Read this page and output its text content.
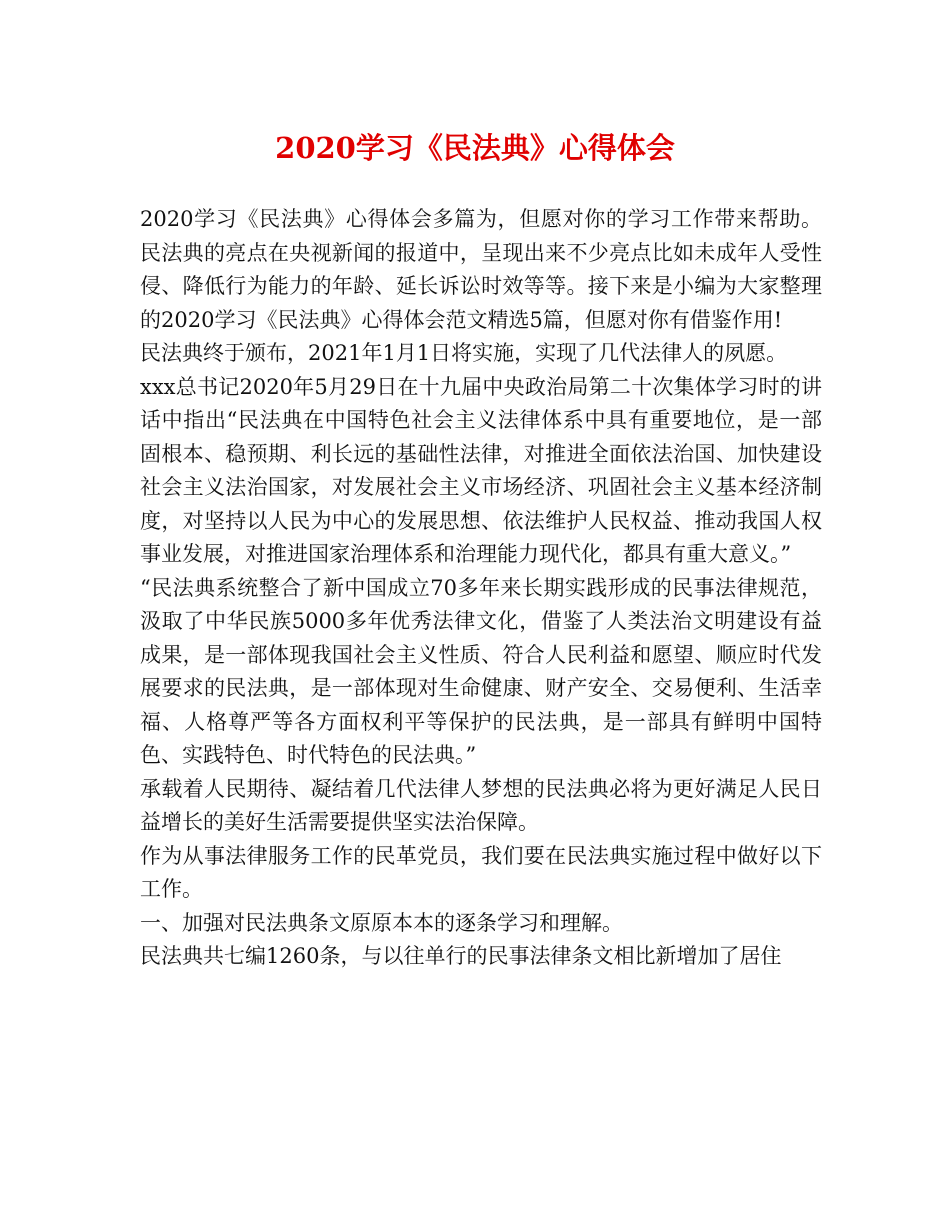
2020学习《民法典》心得体会

2020学习《民法典》心得体会多篇为，但愿对你的学习工作带来帮助。民法典的亮点在央视新闻的报道中，呈现出来不少亮点比如未成年人受性侵、降低行为能力的年龄、延长诉讼时效等等。接下来是小编为大家整理的2020学习《民法典》心得体会范文精选5篇，但愿对你有借鉴作用!

民法典终于颁布，2021年1月1日将实施，实现了几代法律人的夙愿。

xxx总书记2020年5月29日在十九届中央政治局第二十次集体学习时的讲话中指出“民法典在中国特色社会主义法律体系中具有重要地位，是一部固根本、稳预期、利长远的基础性法律，对推进全面依法治国、加快建设社会主义法治国家，对发展社会主义市场经济、巩固社会主义基本经济制度，对坚持以人民为中心的发展思想、依法维护人民权益、推动我国人权事业发展，对推进国家治理体系和治理能力现代化，都具有重大意义。”

“民法典系统整合了新中国成立70多年来长期实践形成的民事法律规范，汲取了中华民族5000多年优秀法律文化，借鉴了人类法治文明建设有益成果，是一部体现我国社会主义性质、符合人民利益和愿望、顺应时代发展要求的民法典，是一部体现对生命健康、财产安全、交易便利、生活幸福、人格尊严等各方面权利平等保护的民法典，是一部具有鲜明中国特色、实践特色、时代特色的民法典。”

承载着人民期待、凝结着几代法律人梦想的民法典必将为更好满足人民日益增长的美好生活需要提供坚实法治保障。

作为从事法律服务工作的民革党员，我们要在民法典实施过程中做好以下工作。

一、加强对民法典条文原原本本的逐条学习和理解。

民法典共七编1260条，与以往单行的民事法律条文相比新增加了居住
